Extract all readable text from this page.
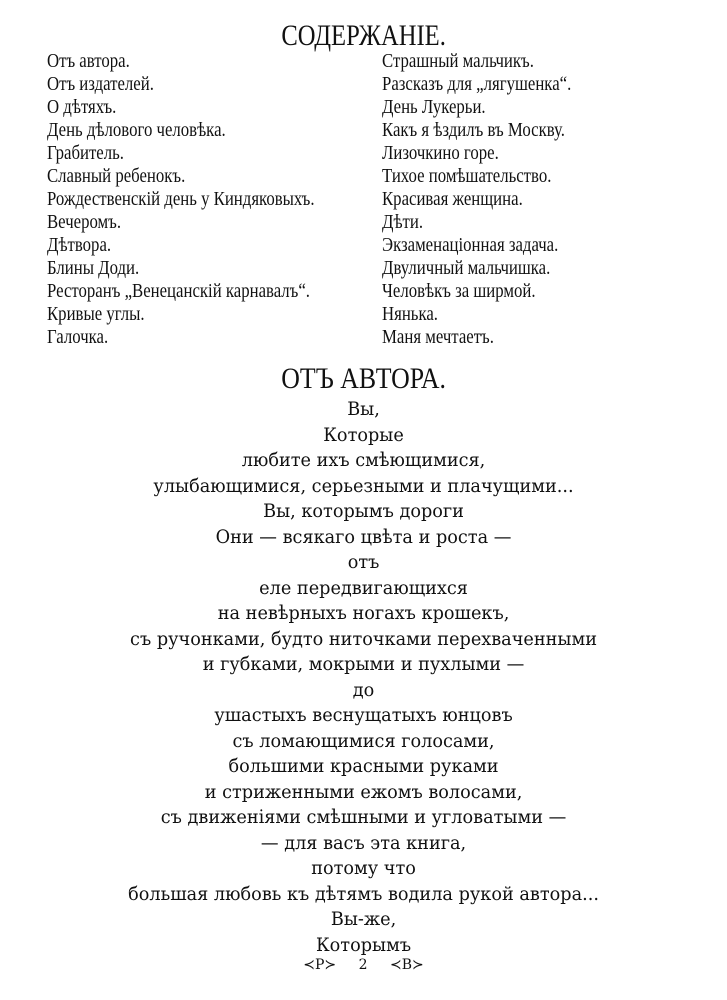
СОДЕРЖАНІЕ.
Отъ автора.
Отъ издателей.
О дѣтяхъ.
День дѣлового человѣка.
Грабитель.
Славный ребенокъ.
Рождественскій день у Киндяковыхъ.
Вечеромъ.
Дѣтвора.
Блины Доди.
Ресторанъ „Венецанскій карнавалъ“.
Кривые углы.
Галочка.
Страшный мальчикъ.
Разсказъ для „лягушенка“.
День Лукерьи.
Какъ я ѣздилъ въ Москву.
Лизочкино горе.
Тихое помѣшательство.
Красивая женщина.
Дѣти.
Экзаменаціонная задача.
Двуличный мальчишка.
Человѣкъ за ширмой.
Нянька.
Маня мечтаетъ.
ОТЪ АВТОРА.
Вы,
Которые
любите ихъ смѣющимися,
улыбающимися, серьезными и плачущими...
Вы, которымъ дороги
Они — всякаго цвѣта и роста —
отъ
еле передвигающихся
на невѣрныхъ ногахъ крошекъ,
съ ручонками, будто ниточками перехваченными
и губками, мокрыми и пухлыми —
до
ушастыхъ веснущатыхъ юнцовъ
съ ломающимися голосами,
большими красными руками
и стриженными ежомъ волосами,
съ движеніями смѣшными и угловатыми —
— для васъ эта книга,
потому что
большая любовь къ дѣтямъ водила рукой автора...
Вы-же,
Которымъ
≺Р≻ 2 ≺В≻
